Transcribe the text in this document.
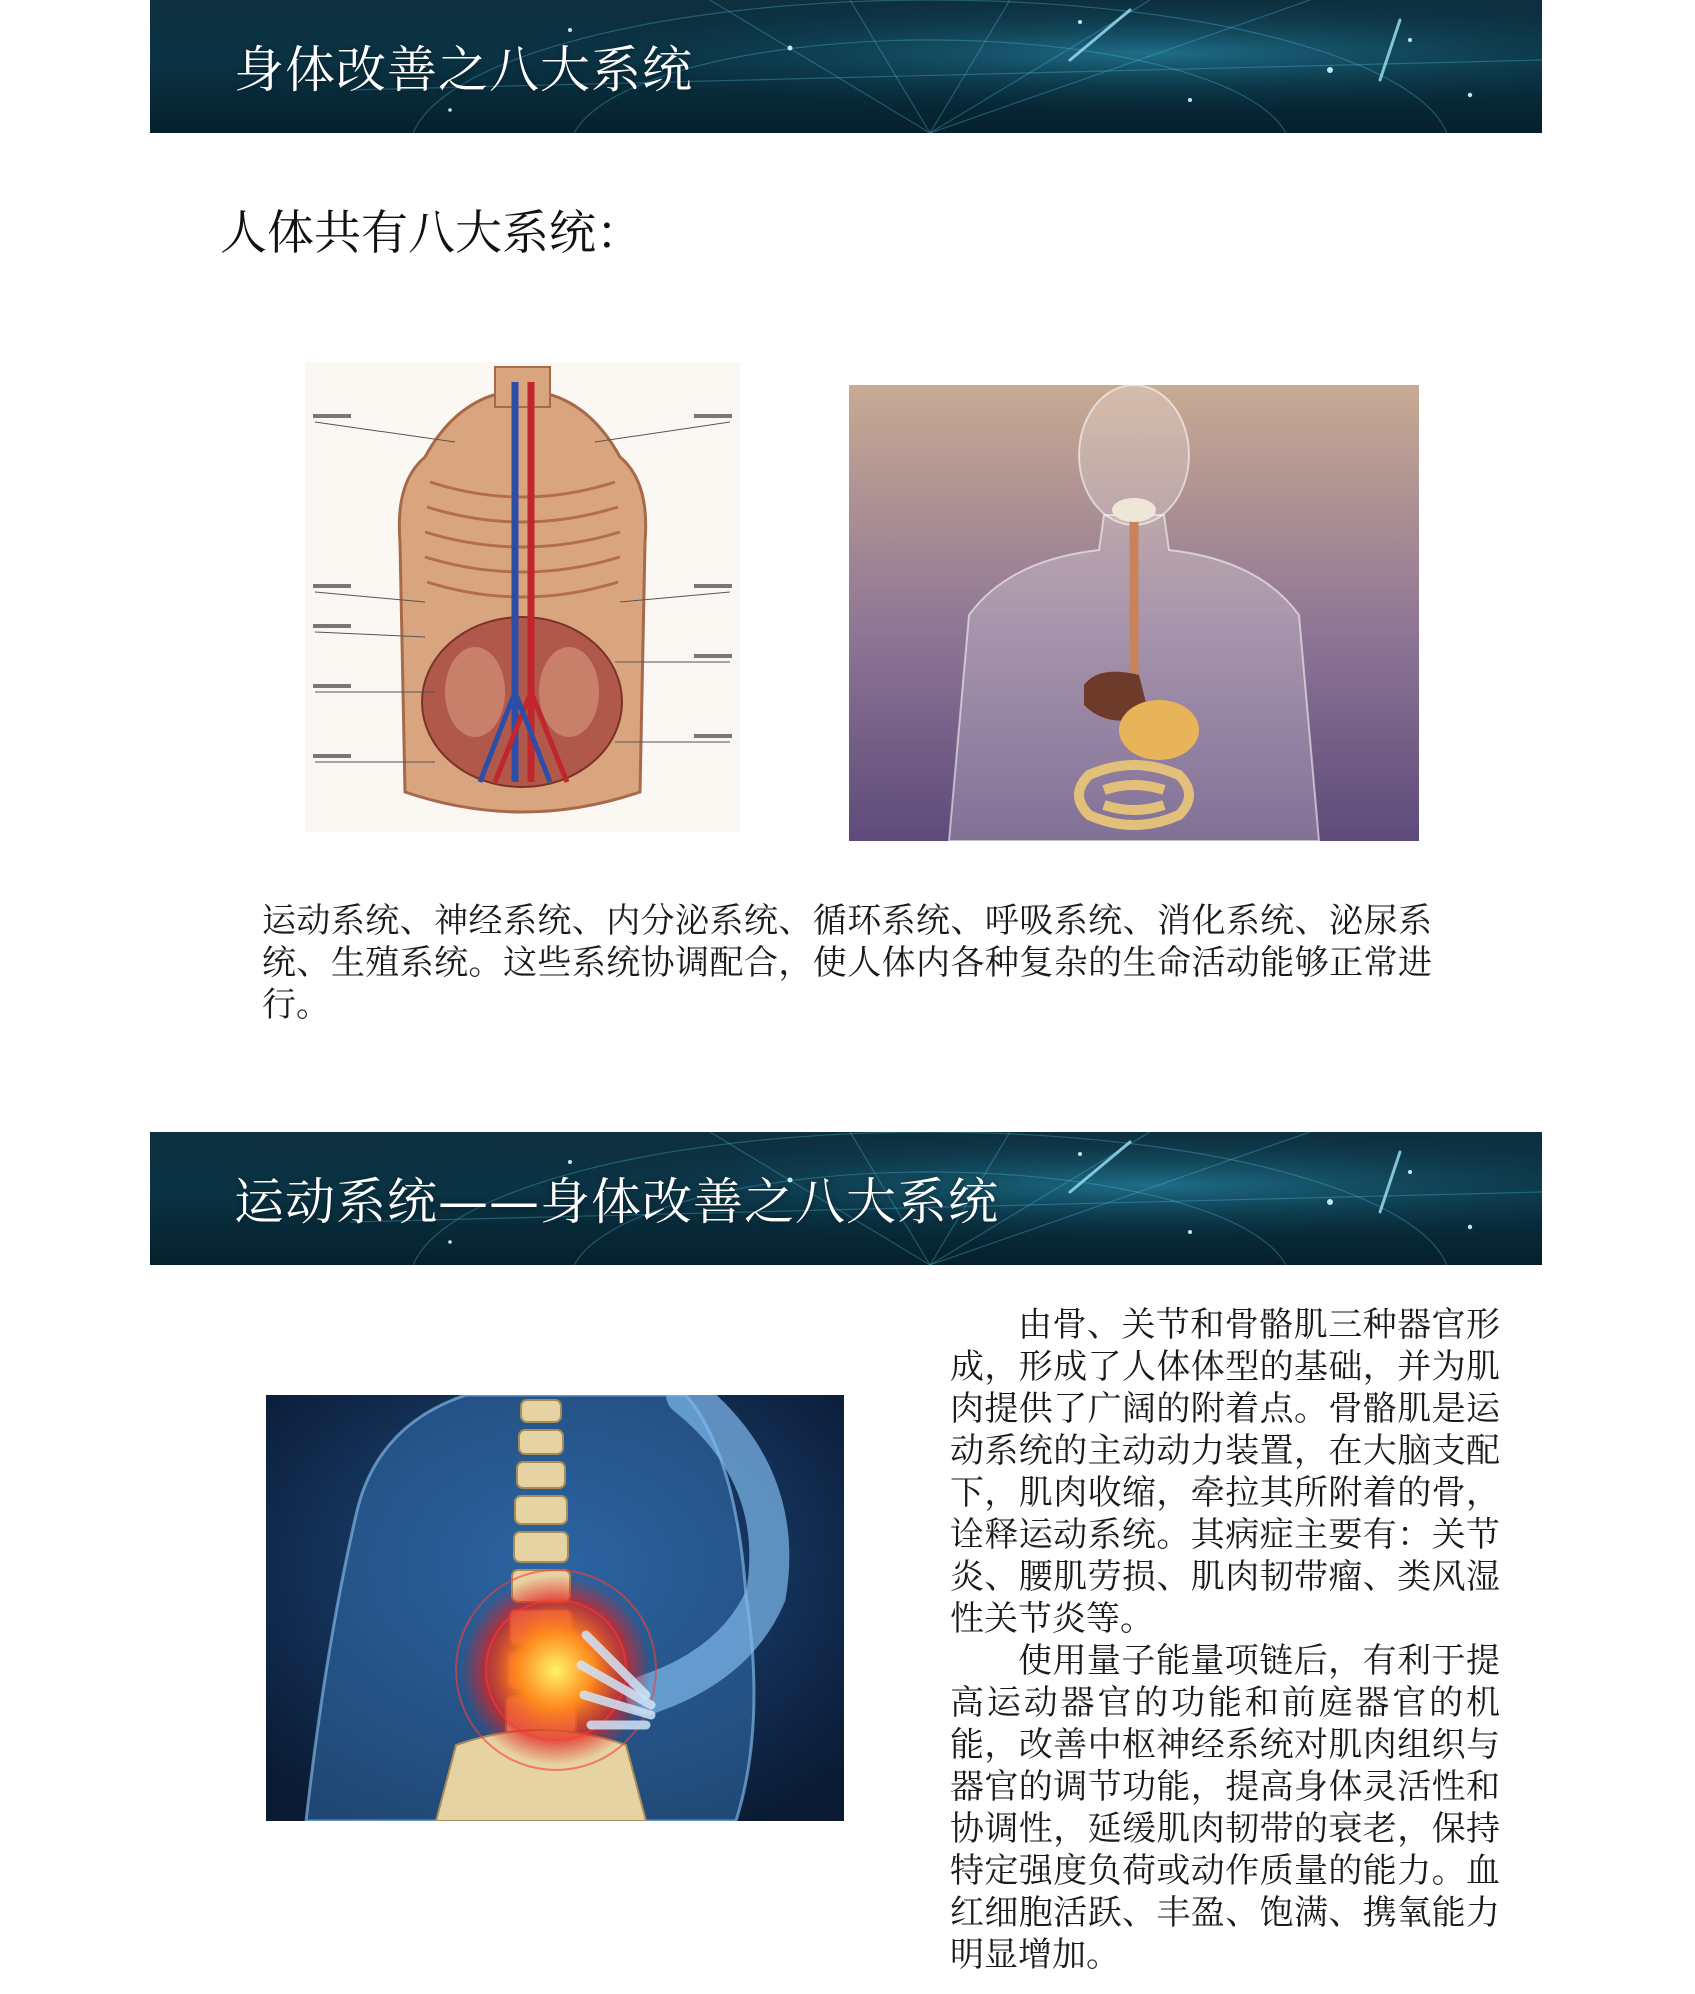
身体改善之八大系统
人体共有八大系统：

运动系统、神经系统、内分泌系统、循环系统、呼吸系统、消化系统、泌尿系统、生殖系统。这些系统协调配合，使人体内各种复杂的生命活动能够正常进行。

运动系统——身体改善之八大系统

由骨、关节和骨骼肌三种器官形成，形成了人体体型的基础，并为肌肉提供了广阔的附着点。骨骼肌是运动系统的主动动力装置，在大脑支配下，肌肉收缩，牵拉其所附着的骨，诠释运动系统。其病症主要有：关节炎、腰肌劳损、肌肉韧带瘤、类风湿性关节炎等。

使用量子能量项链后，有利于提高运动器官的功能和前庭器官的机能，改善中枢神经系统对肌肉组织与器官的调节功能，提高身体灵活性和协调性，延缓肌肉韧带的衰老，保持特定强度负荷或动作质量的能力。血红细胞活跃、丰盈、饱满、携氧能力明显增加。
